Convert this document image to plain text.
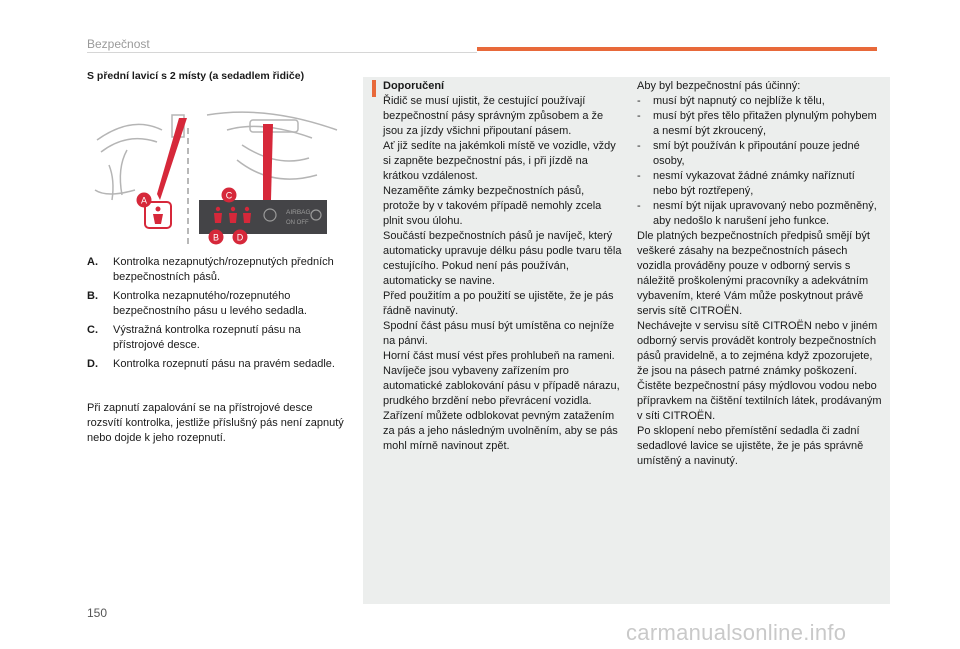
Bezpečnost
S přední lavicí s 2 místy (a sedadlem řidiče)
AIRBAG
ON OFF
A	C
B D
A.	Kontrolka nezapnutých/rozepnutých předních bezpečnostních pásů.
B.	Kontrolka nezapnutého/rozepnutého bezpečnostního pásu u levého sedadla.
C.	Výstražná kontrolka rozepnutí pásu na přístrojové desce.
D.	Kontrolka rozepnutí pásu na pravém sedadle.

Při zapnutí zapalování se na přístrojové desce rozsvítí kontrolka, jestliže příslušný pás není zapnutý nebo dojde k jeho rozepnutí.

Doporučení

Řidič se musí ujistit, že cestující používají bezpečnostní pásy správným způsobem a že jsou za jízdy všichni připoutaní pásem.

Ať již sedíte na jakémkoli místě ve vozidle, vždy si zapněte bezpečnostní pás, i při jízdě na krátkou vzdálenost.

Nezaměňte zámky bezpečnostních pásů, protože by v takovém případě nemohly zcela plnit svou úlohu.

Součástí bezpečnostních pásů je navíječ, který automaticky upravuje délku pásu podle tvaru těla cestujícího. Pokud není pás používán, automaticky se navine.

Před použitím a po použití se ujistěte, že je pás řádně navinutý.

Spodní část pásu musí být umístěna co nejníže na pánvi.

Horní část musí vést přes prohlubeň na rameni.

Navíječe jsou vybaveny zařízením pro automatické zablokování pásu v případě nárazu, prudkého brzdění nebo převrácení vozidla. Zařízení můžete odblokovat pevným zatažením za pás a jeho následným uvolněním, aby se pás mohl mírně navinout zpět.

Aby byl bezpečnostní pás účinný:

-	musí být napnutý co nejblíže k tělu,
-	musí být přes tělo přitažen plynulým pohybem a nesmí být zkroucený,
-	smí být používán k připoutání pouze jedné osoby,
-	nesmí vykazovat žádné známky naříznutí nebo být roztřepený,
-	nesmí být nijak upravovaný nebo pozměněný, aby nedošlo k narušení jeho funkce.

Dle platných bezpečnostních předpisů smějí být veškeré zásahy na bezpečnostních pásech vozidla prováděny pouze v odborný servis s náležitě proškolenými pracovníky a adekvátním vybavením, které Vám může poskytnout právě servis sítě CITROËN.

Nechávejte v servisu sítě CITROËN nebo v jiném odborný servis provádět kontroly bezpečnostních pásů pravidelně, a to zejména když zpozorujete, že jsou na pásech patrné známky poškození.

Čistěte bezpečnostní pásy mýdlovou vodou nebo přípravkem na čištění textilních látek, prodávaným v síti CITROËN.

Po sklopení nebo přemístění sedadla či zadní sedadlové lavice se ujistěte, že je pás správně umístěný a navinutý.

150
carmanualsonline.info
